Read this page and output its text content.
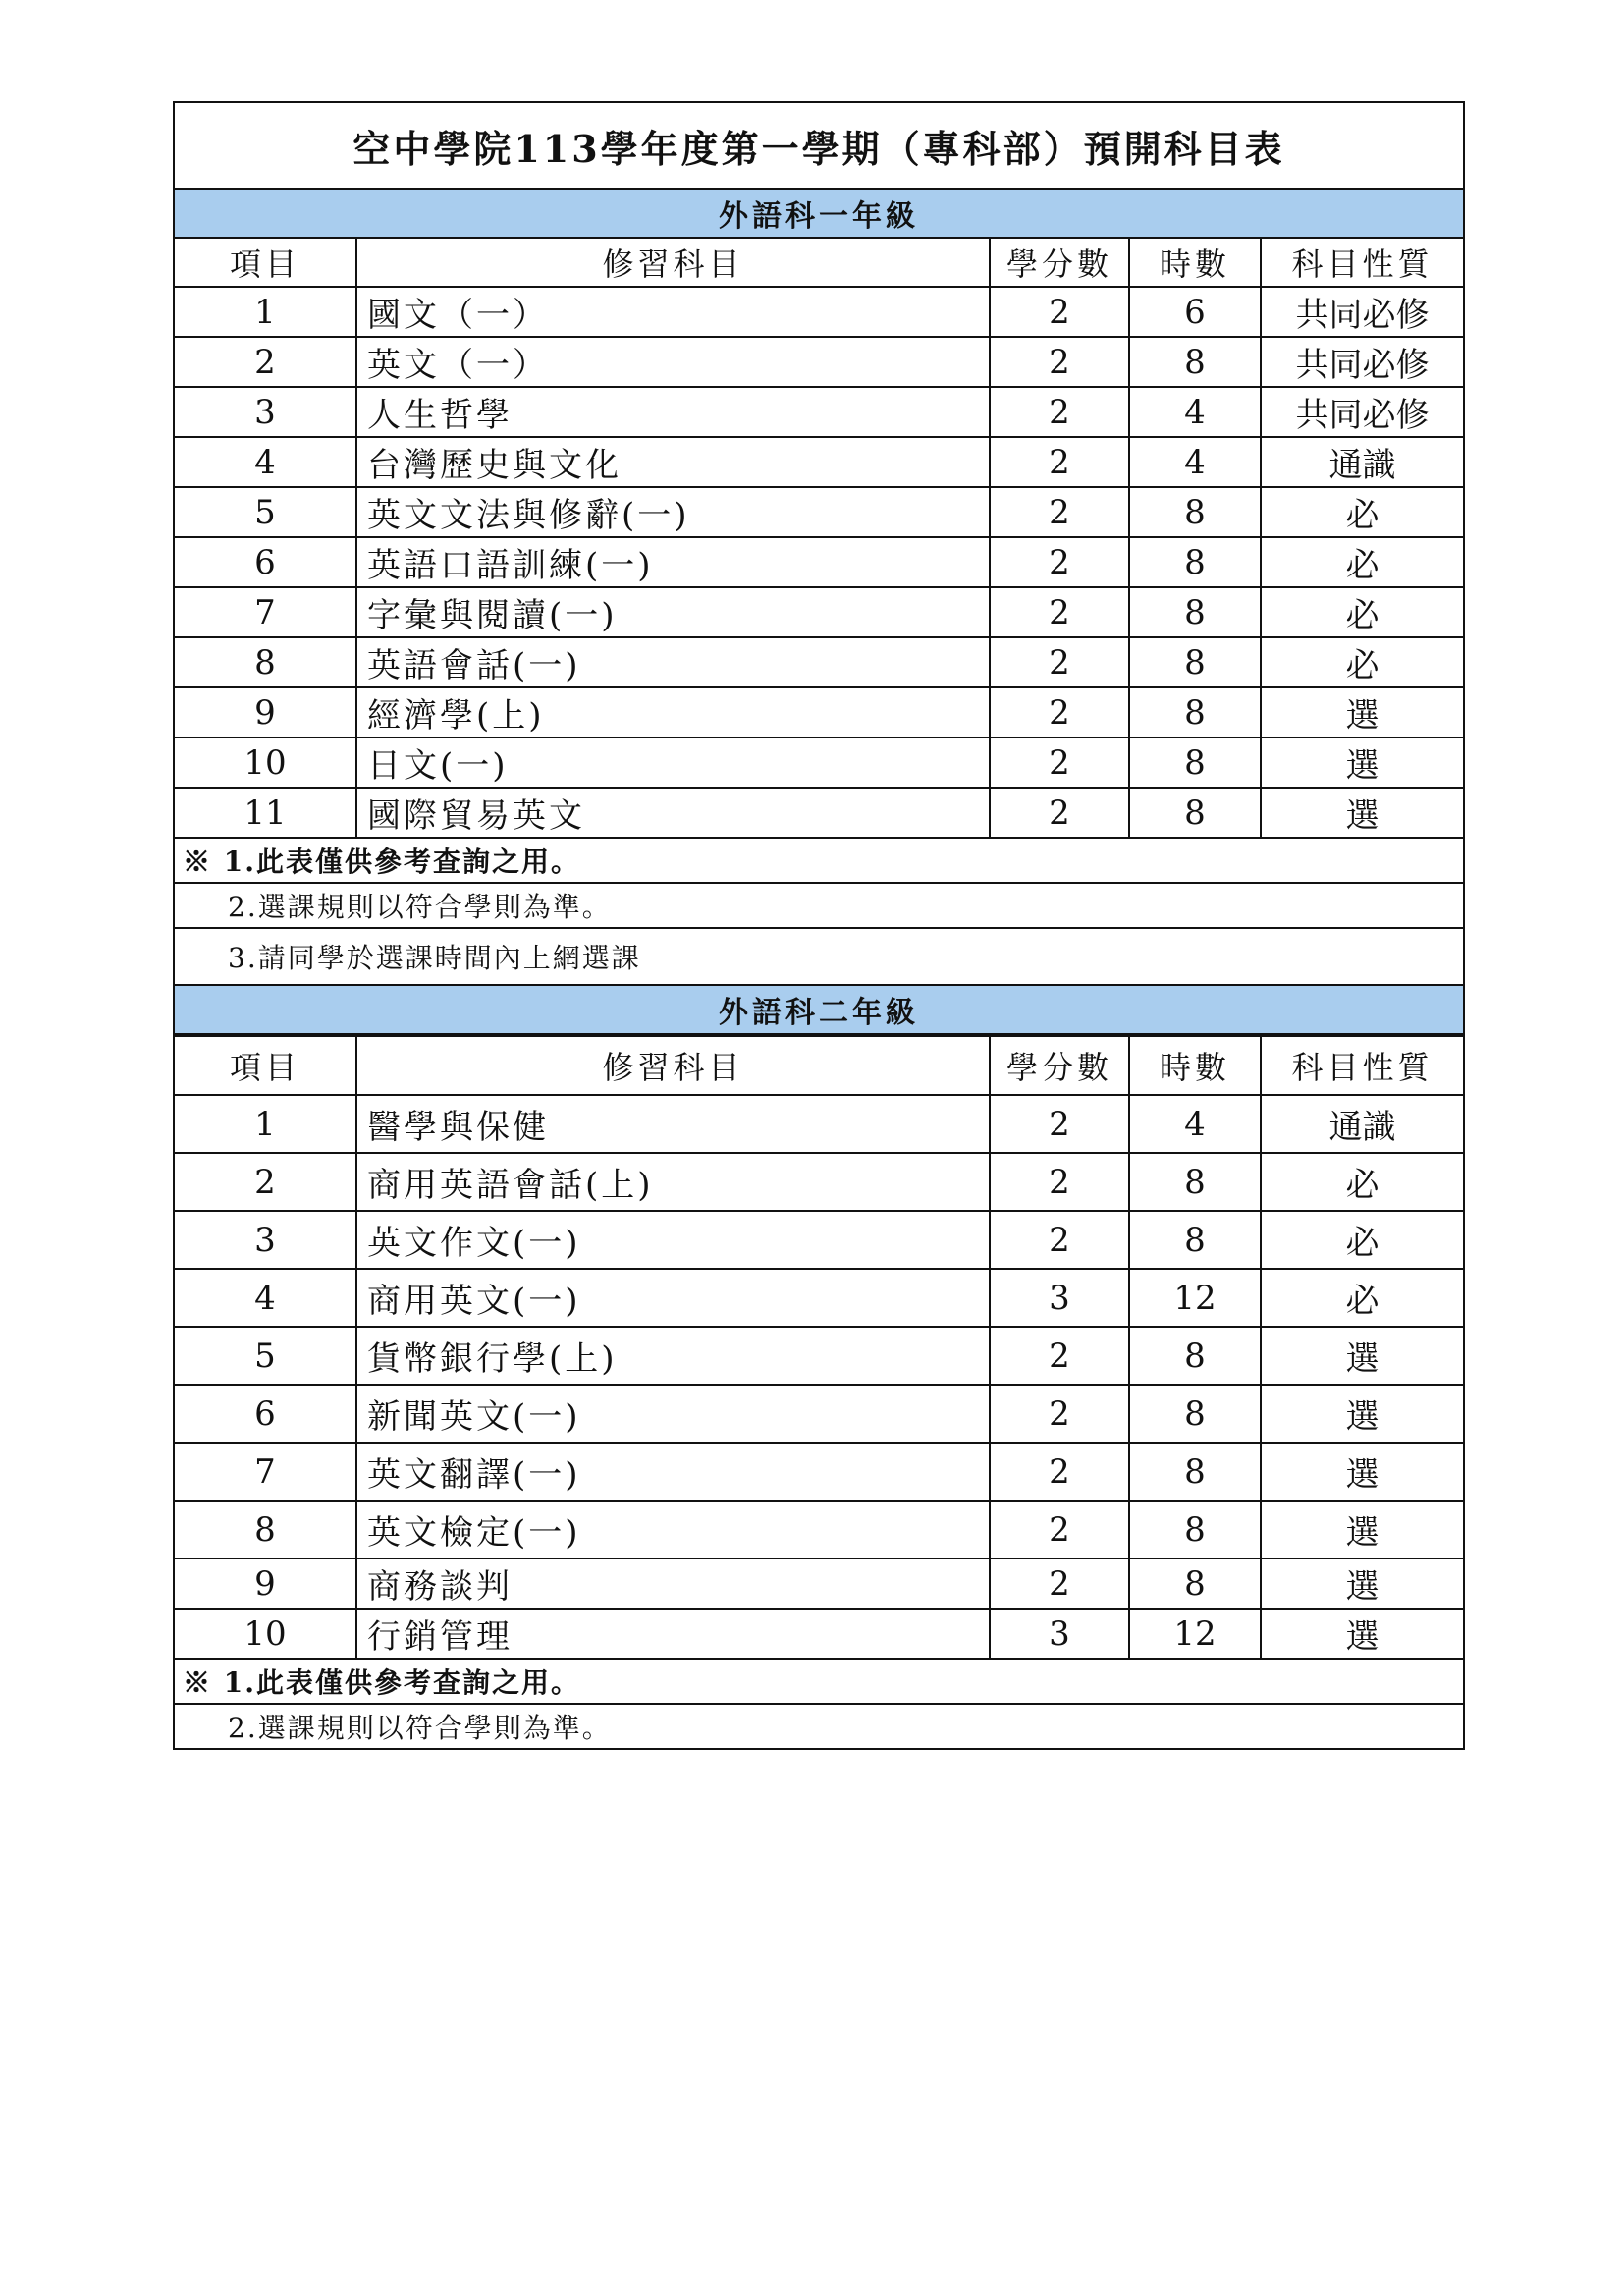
空中學院113學年度第一學期（專科部）預開科目表				
外語科一年級				
項目	修習科目	學分數	時數	科目性質
1	國文（一）	2	6	共同必修
2	英文（一）	2	8	共同必修
3	人生哲學	2	4	共同必修
4	台灣歷史與文化	2	4	通識
5	英文文法與修辭(一)	2	8	必
6	英語口語訓練(一)	2	8	必
7	字彙與閱讀(一)	2	8	必
8	英語會話(一)	2	8	必
9	經濟學(上)	2	8	選
10	日文(一)	2	8	選
11	國際貿易英文	2	8	選
※ 1.此表僅供參考查詢之用。				
2.選課規則以符合學則為準。				
3.請同學於選課時間內上網選課				
外語科二年級				
項目	修習科目	學分數	時數	科目性質
1	醫學與保健	2	4	通識
2	商用英語會話(上)	2	8	必
3	英文作文(一)	2	8	必
4	商用英文(一)	3	12	必
5	貨幣銀行學(上)	2	8	選
6	新聞英文(一)	2	8	選
7	英文翻譯(一)	2	8	選
8	英文檢定(一)	2	8	選
9	商務談判	2	8	選
10	行銷管理	3	12	選
※ 1.此表僅供參考查詢之用。				
2.選課規則以符合學則為準。				
